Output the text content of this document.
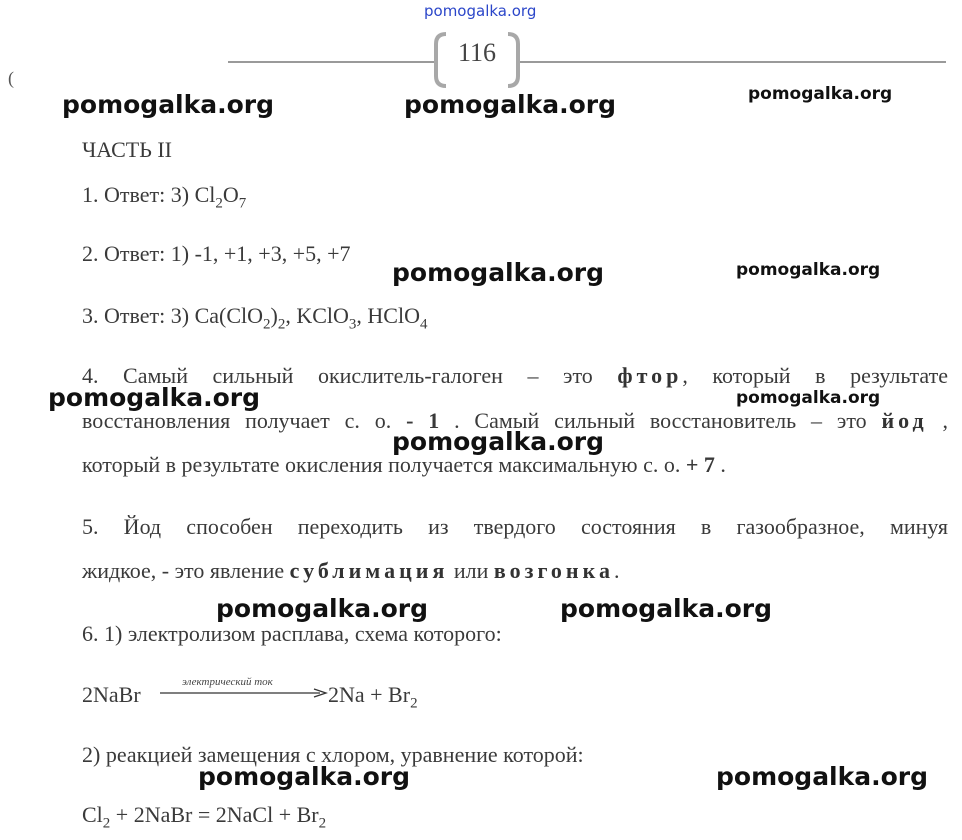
pomogalka.org
(
116
pomogalka.org	pomogalka.org	pomogalka.org
pomogalka.org	pomogalka.org
pomogalka.org	pomogalka.org
pomogalka.org
pomogalka.org	pomogalka.org
pomogalka.org	pomogalka.org
ЧАСТЬ II
1. Ответ: 3) $Cl_2O_7$
2. Ответ: 1) -1, +1, +3, +5, +7
3. Ответ: 3) $Ca(ClO_2)_2$, KClO$_3$, HClO$_4$
4. Самый сильный окислитель-галоген – это фтор, который в результате
восстановления получает с. о. - 1 . Самый сильный восстановитель – это йод ,
который в результате окисления получается максимальную с. о. + 7 .
5. Йод способен переходить из твердого состояния в газообразное, минуя
жидкое, - это явление сублимация или возгонка.
6. 1) электролизом расплава, схема которого:
2NaBr	электрический ток	$2Na + Br_2$
2) реакцией замещения с хлором, уравнение которой:
$Cl_2$ + 2NaBr = 2NaCl + $Br_2$
